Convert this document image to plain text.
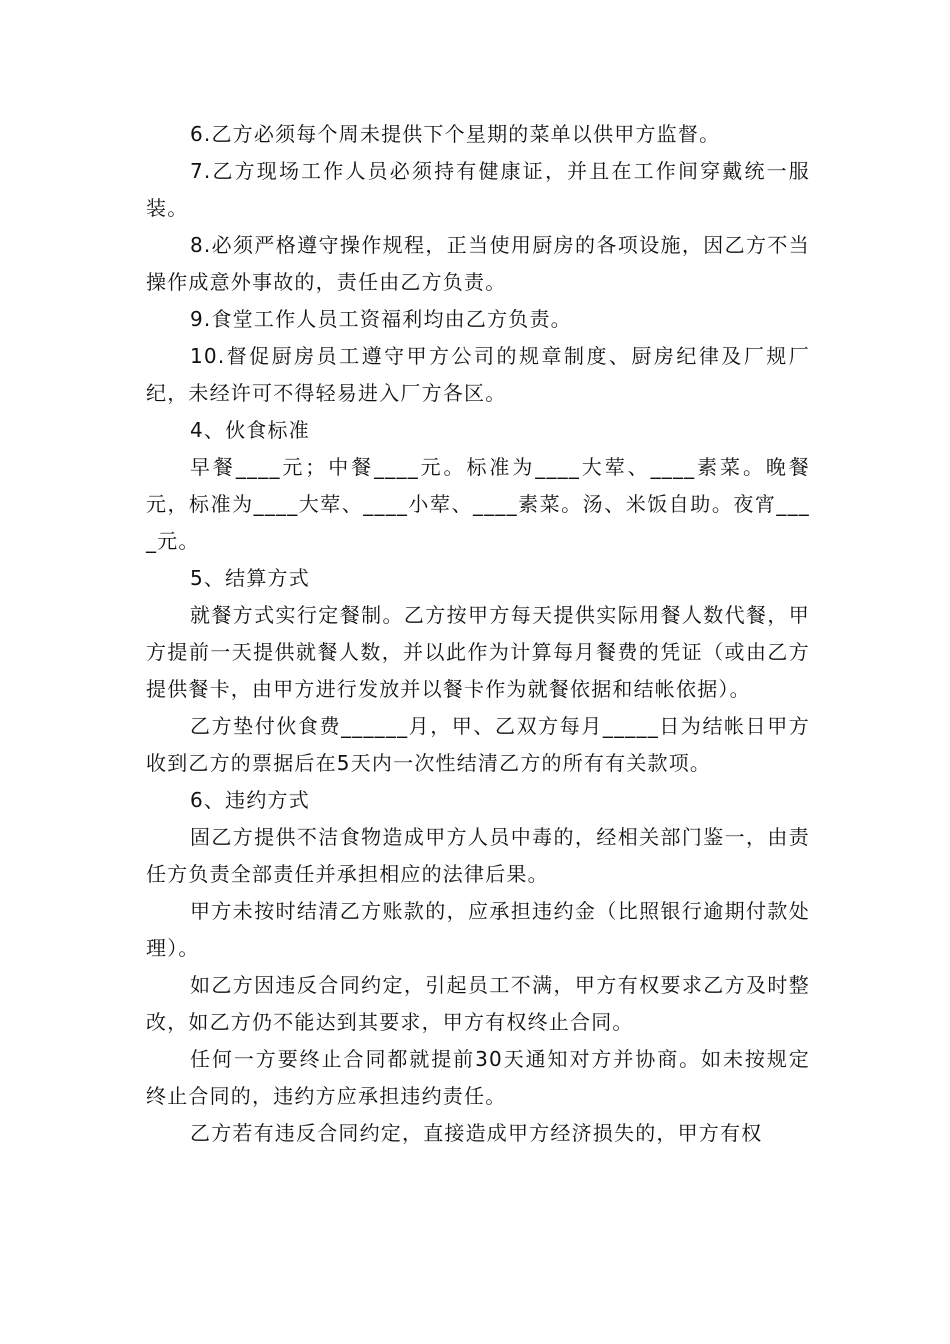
6.乙方必须每个周未提供下个星期的菜单以供甲方监督。

7.乙方现场工作人员必须持有健康证，并且在工作间穿戴统一服装。

8.必须严格遵守操作规程，正当使用厨房的各项设施，因乙方不当操作成意外事故的，责任由乙方负责。

9.食堂工作人员工资福利均由乙方负责。

10.督促厨房员工遵守甲方公司的规章制度、厨房纪律及厂规厂纪，未经许可不得轻易进入厂方各区。

4、伙食标准

早餐____元；中餐____元。标准为____大荤、____素菜。晚餐元，标准为____大荤、____小荤、____素菜。汤、米饭自助。夜宵____元。

5、结算方式

就餐方式实行定餐制。乙方按甲方每天提供实际用餐人数代餐，甲方提前一天提供就餐人数，并以此作为计算每月餐费的凭证（或由乙方提供餐卡，由甲方进行发放并以餐卡作为就餐依据和结帐依据）。

乙方垫付伙食费______月，甲、乙双方每月_____日为结帐日甲方收到乙方的票据后在5天内一次性结清乙方的所有有关款项。

6、违约方式

固乙方提供不洁食物造成甲方人员中毒的，经相关部门鉴一，由责任方负责全部责任并承担相应的法律后果。

甲方未按时结清乙方账款的，应承担违约金（比照银行逾期付款处理）。

如乙方因违反合同约定，引起员工不满，甲方有权要求乙方及时整改，如乙方仍不能达到其要求，甲方有权终止合同。

任何一方要终止合同都就提前30天通知对方并协商。如未按规定终止合同的，违约方应承担违约责任。

乙方若有违反合同约定，直接造成甲方经济损失的，甲方有权
